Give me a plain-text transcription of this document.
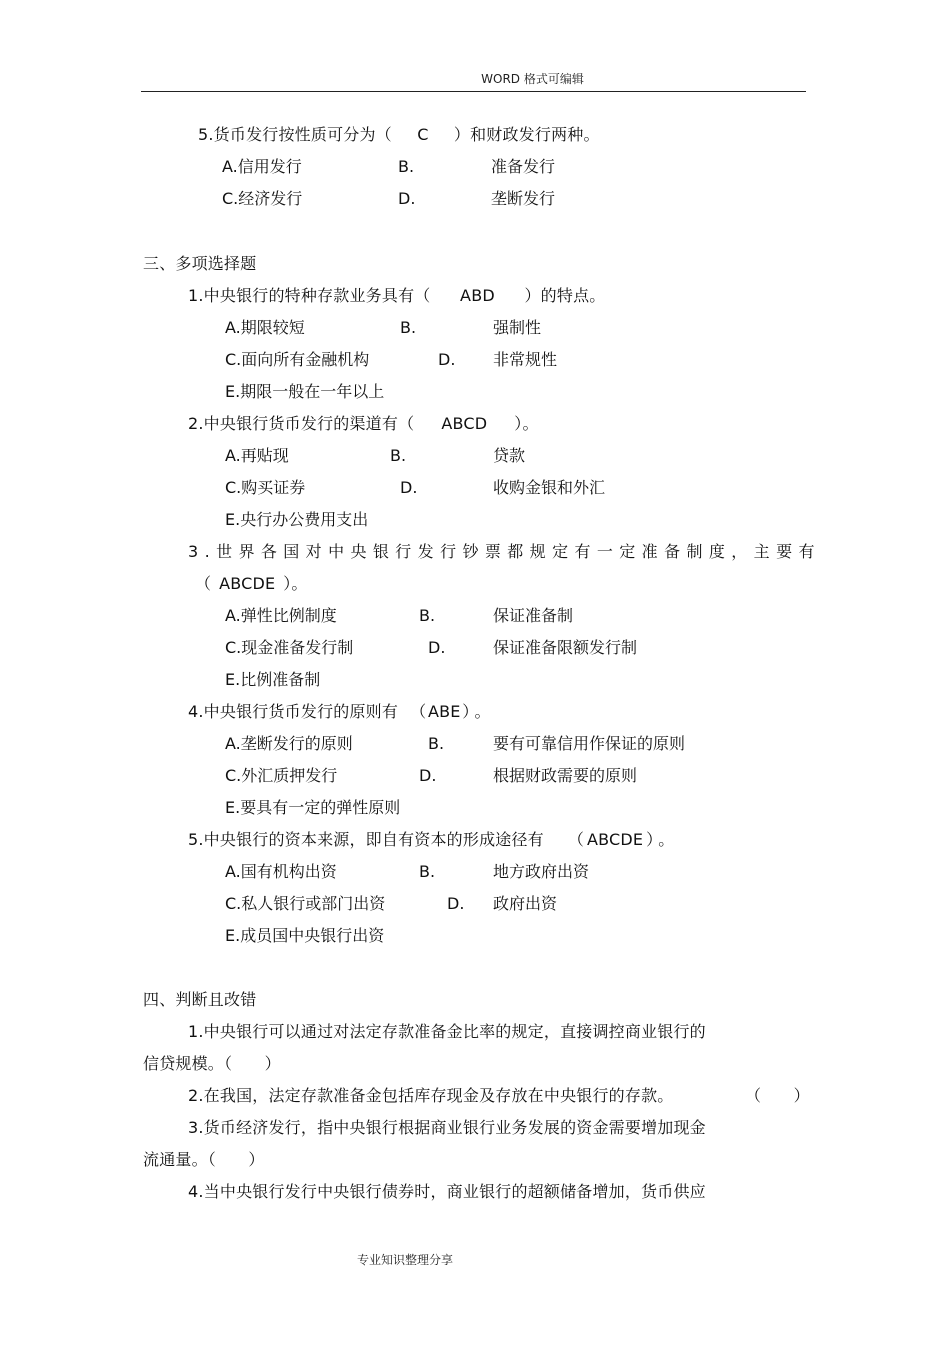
WORD 格式可编辑
5.货币发行按性质可分为（ C ）和财政发行两种。
A.信用发行	B.	准备发行
C.经济发行	D.	垄断发行
三、多项选择题
1.中央银行的特种存款业务具有（ ABD ）的特点。
A.期限较短	B.	强制性
C.面向所有金融机构	D. 非常规性
E.期限一般在一年以上
2.中央银行货币发行的渠道有（ ABCD ）。
A.再贴现	B.	贷款
C.购买证券	D.	收购金银和外汇
E.央行办公费用支出
3.世界各国对中央银行发行钞票都规定有一定准备制度，主要有
（ ABCDE ）。
A.弹性比例制度	B.	保证准备制
C.现金准备发行制	D.	保证准备限额发行制
E.比例准备制
4.中央银行货币发行的原则有 （ ABE ） 。
A.垄断发行的原则	B.	要有可靠信用作保证的原则
C.外汇质押发行	D.	根据财政需要的原则
E.要具有一定的弹性原则
5.中央银行的资本来源，即自有资本的形成途径有 （ ABCDE ） 。
A.国有机构出资	B.	地方政府出资
C.私人银行或部门出资	D. 政府出资
E.成员国中央银行出资
四、判断且改错
1.中央银行可以通过对法定存款准备金比率的规定，直接调控商业银行的
信贷规模。（　　）
2.在我国，法定存款准备金包括库存现金及存放在中央银行的存款。	（　　）
3.货币经济发行，指中央银行根据商业银行业务发展的资金需要增加现金
流通量。（　　）
4.当中央银行发行中央银行债券时，商业银行的超额储备增加，货币供应
专业知识整理分享
